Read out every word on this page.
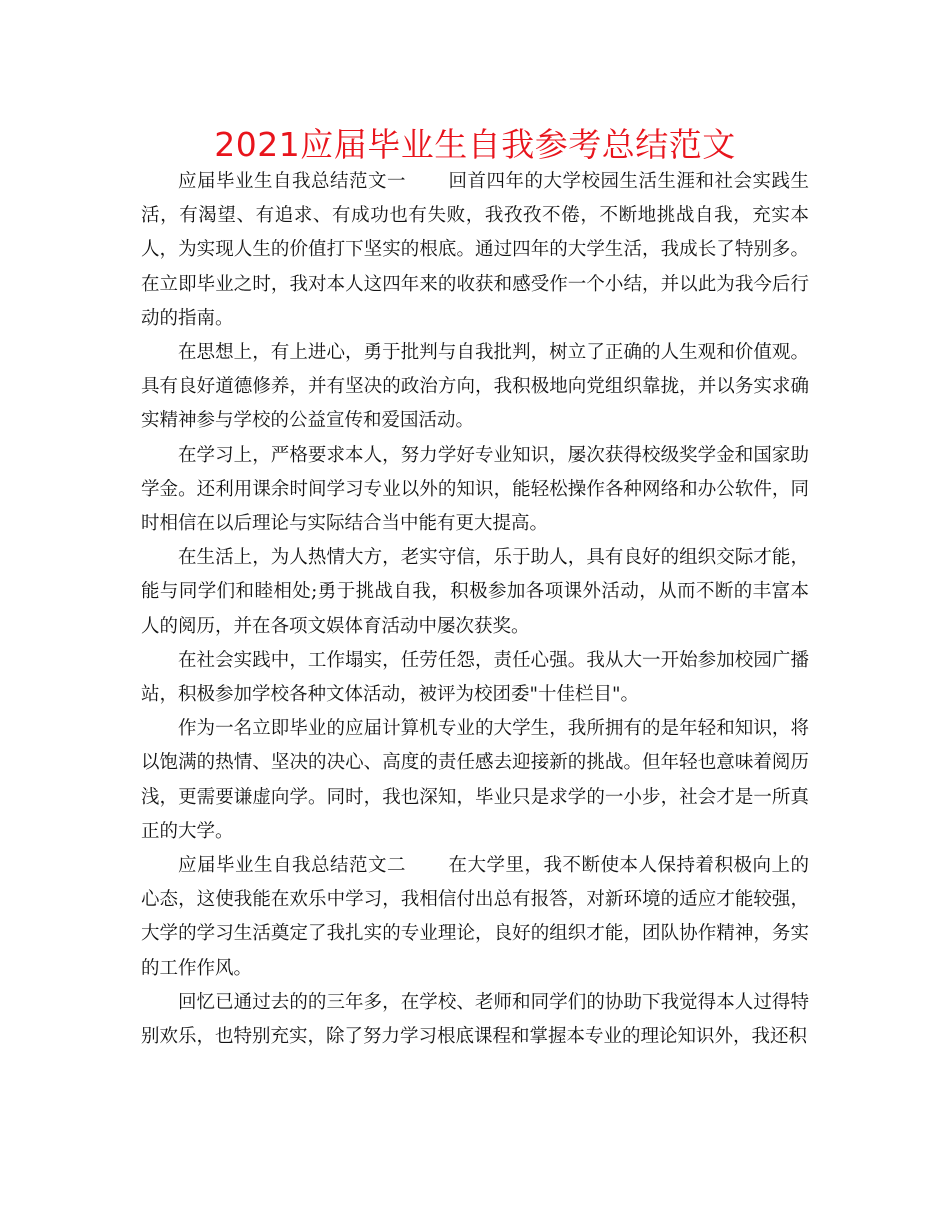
2021应届毕业生自我参考总结范文

应届毕业生自我总结范文一 回首四年的大学校园生活生涯和社会实践生活，有渴望、有追求、有成功也有失败，我孜孜不倦，不断地挑战自我，充实本人，为实现人生的价值打下坚实的根底。通过四年的大学生活，我成长了特别多。在立即毕业之时，我对本人这四年来的收获和感受作一个小结，并以此为我今后行动的指南。

在思想上，有上进心，勇于批判与自我批判，树立了正确的人生观和价值观。具有良好道德修养，并有坚决的政治方向，我积极地向党组织靠拢，并以务实求确实精神参与学校的公益宣传和爱国活动。

在学习上，严格要求本人，努力学好专业知识，屡次获得校级奖学金和国家助学金。还利用课余时间学习专业以外的知识，能轻松操作各种网络和办公软件，同时相信在以后理论与实际结合当中能有更大提高。

在生活上，为人热情大方，老实守信，乐于助人，具有良好的组织交际才能，能与同学们和睦相处;勇于挑战自我，积极参加各项课外活动，从而不断的丰富本人的阅历，并在各项文娱体育活动中屡次获奖。

在社会实践中，工作塌实，任劳任怨，责任心强。我从大一开始参加校园广播站，积极参加学校各种文体活动，被评为校团委"十佳栏目"。

作为一名立即毕业的应届计算机专业的大学生，我所拥有的是年轻和知识，将以饱满的热情、坚决的决心、高度的责任感去迎接新的挑战。但年轻也意味着阅历浅，更需要谦虚向学。同时，我也深知，毕业只是求学的一小步，社会才是一所真正的大学。

应届毕业生自我总结范文二 在大学里，我不断使本人保持着积极向上的心态，这使我能在欢乐中学习，我相信付出总有报答，对新环境的适应才能较强，大学的学习生活奠定了我扎实的专业理论，良好的组织才能，团队协作精神，务实的工作作风。

回忆已通过去的的三年多，在学校、老师和同学们的协助下我觉得本人过得特别欢乐，也特别充实，除了努力学习根底课程和掌握本专业的理论知识外，我还积
